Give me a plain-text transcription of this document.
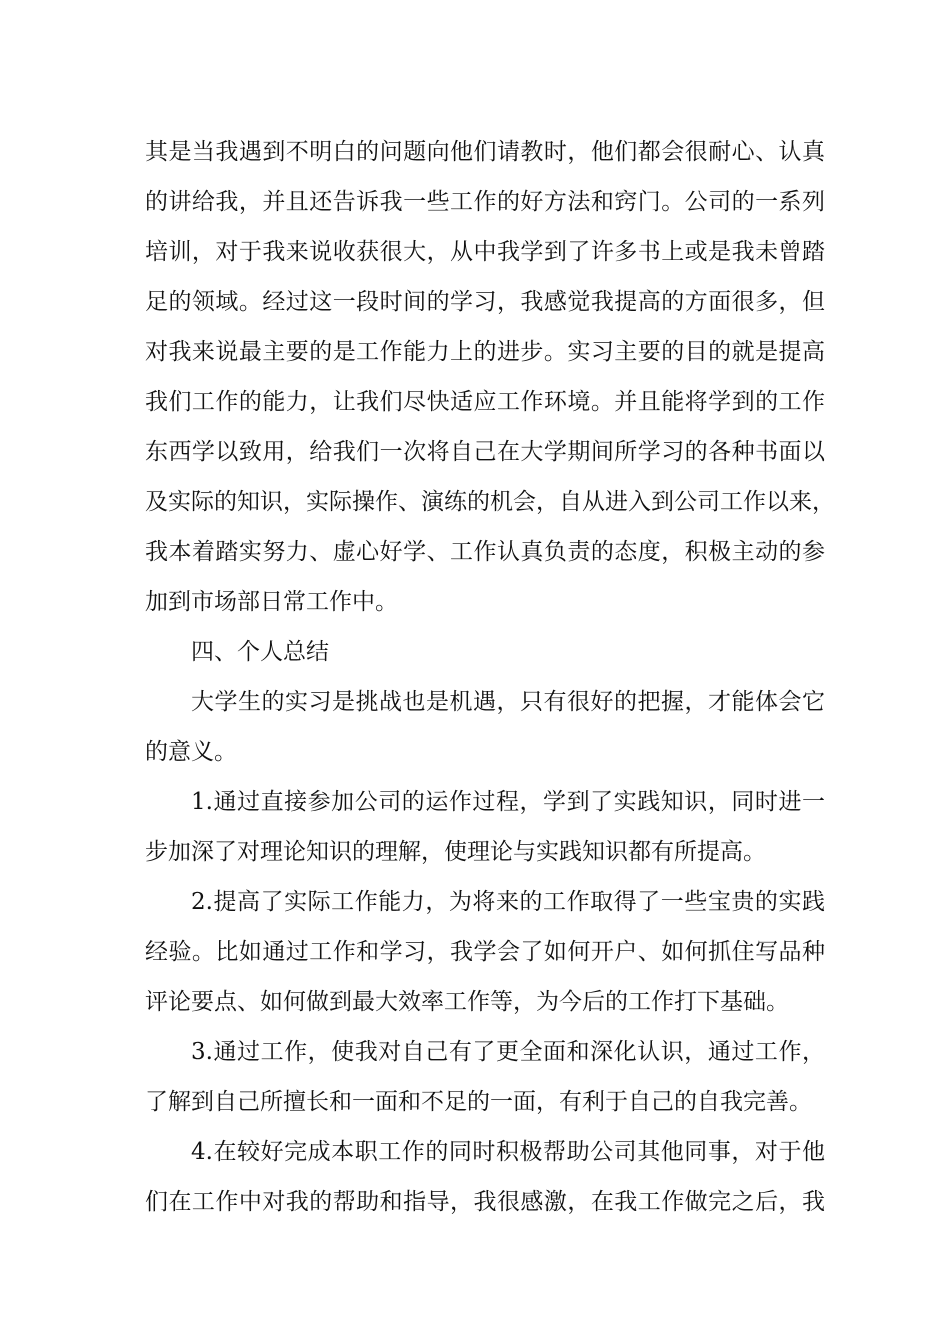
其是当我遇到不明白的问题向他们请教时，他们都会很耐心、认真
的讲给我，并且还告诉我一些工作的好方法和窍门。公司的一系列
培训，对于我来说收获很大，从中我学到了许多书上或是我未曾踏
足的领域。经过这一段时间的学习，我感觉我提高的方面很多，但
对我来说最主要的是工作能力上的进步。实习主要的目的就是提高
我们工作的能力，让我们尽快适应工作环境。并且能将学到的工作
东西学以致用，给我们一次将自己在大学期间所学习的各种书面以
及实际的知识，实际操作、演练的机会，自从进入到公司工作以来，
我本着踏实努力、虚心好学、工作认真负责的态度，积极主动的参
加到市场部日常工作中。
四、个人总结
大学生的实习是挑战也是机遇，只有很好的把握，才能体会它
的意义。
1.通过直接参加公司的运作过程，学到了实践知识，同时进一
步加深了对理论知识的理解，使理论与实践知识都有所提高。
2.提高了实际工作能力，为将来的工作取得了一些宝贵的实践
经验。比如通过工作和学习，我学会了如何开户、如何抓住写品种
评论要点、如何做到最大效率工作等，为今后的工作打下基础。
3.通过工作，使我对自己有了更全面和深化认识，通过工作，
了解到自己所擅长和一面和不足的一面，有利于自己的自我完善。
4.在较好完成本职工作的同时积极帮助公司其他同事，对于他
们在工作中对我的帮助和指导，我很感激，在我工作做完之后，我
